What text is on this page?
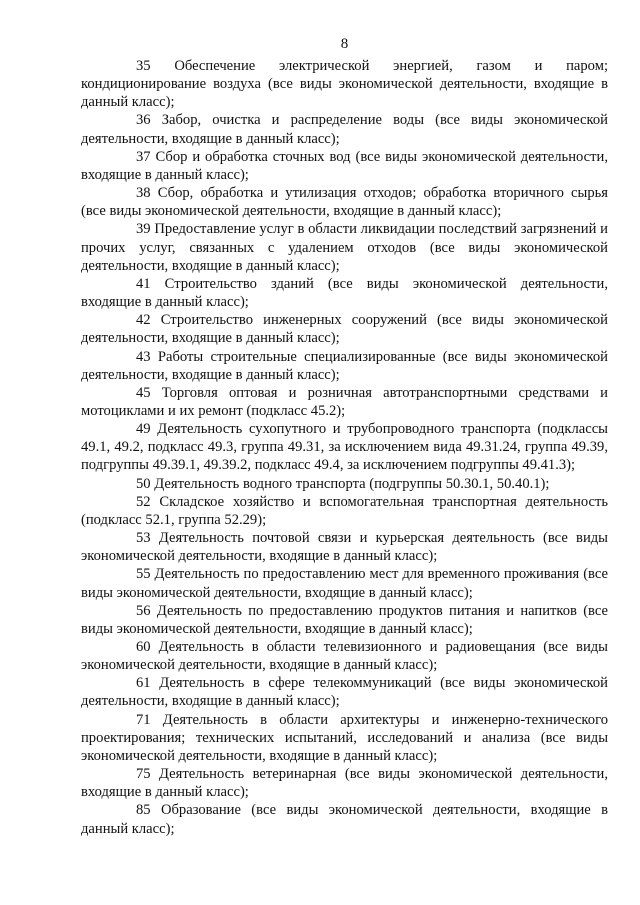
8

35 Обеспечение электрической энергией, газом и паром; кондиционирование воздуха (все виды экономической деятельности, входящие в данный класс);

36 Забор, очистка и распределение воды (все виды экономической деятельности, входящие в данный класс);

37 Сбор и обработка сточных вод (все виды экономической деятельности, входящие в данный класс);

38 Сбор, обработка и утилизация отходов; обработка вторичного сырья (все виды экономической деятельности, входящие в данный класс);

39 Предоставление услуг в области ликвидации последствий загрязнений и прочих услуг, связанных с удалением отходов (все виды экономической деятельности, входящие в данный класс);

41 Строительство зданий (все виды экономической деятельности, входящие в данный класс);

42 Строительство инженерных сооружений (все виды экономической деятельности, входящие в данный класс);

43 Работы строительные специализированные (все виды экономической деятельности, входящие в данный класс);

45 Торговля оптовая и розничная автотранспортными средствами и мотоциклами и их ремонт (подкласс 45.2);

49 Деятельность сухопутного и трубопроводного транспорта (подклассы 49.1, 49.2, подкласс 49.3, группа 49.31, за исключением вида 49.31.24, группа 49.39, подгруппы 49.39.1, 49.39.2, подкласс 49.4, за исключением подгруппы 49.41.3);

50 Деятельность водного транспорта (подгруппы 50.30.1, 50.40.1);

52 Складское хозяйство и вспомогательная транспортная деятельность (подкласс 52.1, группа 52.29);

53 Деятельность почтовой связи и курьерская деятельность (все виды экономической деятельности, входящие в данный класс);

55 Деятельность по предоставлению мест для временного проживания (все виды экономической деятельности, входящие в данный класс);

56 Деятельность по предоставлению продуктов питания и напитков (все виды экономической деятельности, входящие в данный класс);

60 Деятельность в области телевизионного и радиовещания (все виды экономической деятельности, входящие в данный класс);

61 Деятельность в сфере телекоммуникаций (все виды экономической деятельности, входящие в данный класс);

71 Деятельность в области архитектуры и инженерно-технического проектирования; технических испытаний, исследований и анализа (все виды экономической деятельности, входящие в данный класс);

75 Деятельность ветеринарная (все виды экономической деятельности, входящие в данный класс);

85 Образование (все виды экономической деятельности, входящие в данный класс);
